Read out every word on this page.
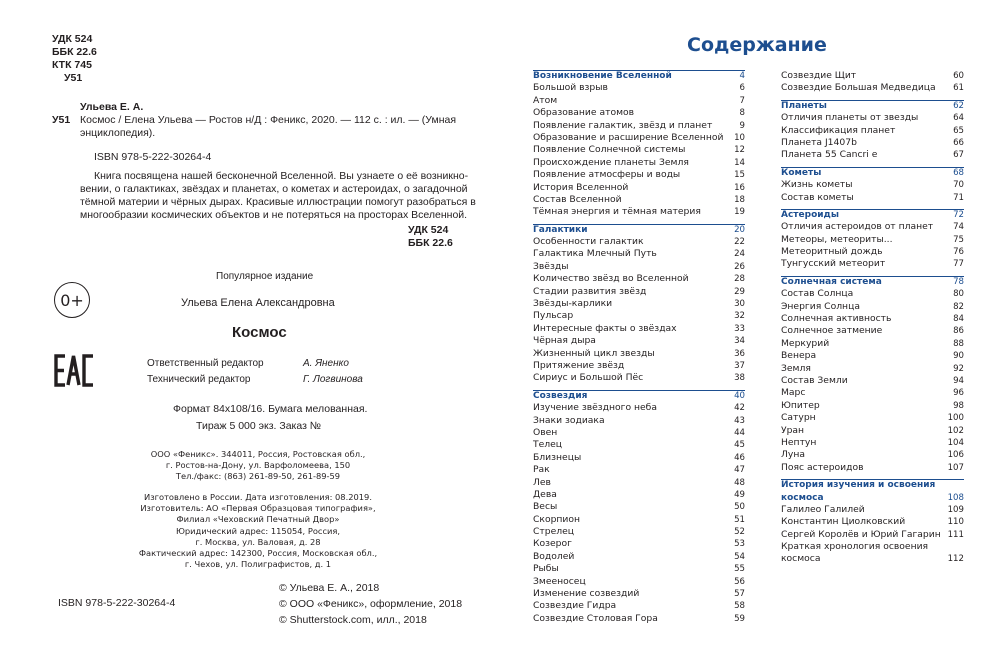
УДК 524
ББК 22.6
КТК 745
У51
Ульева Е. А.
У51 Космос / Елена Ульева — Ростов н/Д : Феникс, 2020. — 112 с. : ил. — (Умная
энциклопедия).
ISBN 978-5-222-30264-4
Книга посвящена нашей бесконечной Вселенной. Вы узнаете о её возникно-
вении, о галактиках, звёздах и планетах, о кометах и астероидах, о загадочной
тёмной материи и чёрных дырах. Красивые иллюстрации помогут разобраться в
многообразии космических объектов и не потеряться на просторах Вселенной.
УДК 524
ББК 22.6
Популярное издание
0+	Ульева Елена Александровна
Космос
Ответственный редактор	А. Яненко
Технический редактор	Г. Логвинова
Формат 84x108/16. Бумага мелованная.
Тираж 5 000 экз. Заказ №
ООО «Феникс». 344011, Россия, Ростовская обл.,
г. Ростов-на-Дону, ул. Варфоломеева, 150
Тел./факс: (863) 261-89-50, 261-89-59
Изготовлено в России. Дата изготовления: 08.2019.
Изготовитель: АО «Первая Образцовая типография»,
Филиал «Чеховский Печатный Двор»
Юридический адрес: 115054, Россия,
г. Москва, ул. Валовая, д. 28
Фактический адрес: 142300, Россия, Московская обл.,
г. Чехов, ул. Полиграфистов, д. 1
ISBN 978-5-222-30264-4
© Ульева Е. А., 2018
© ООО «Феникс», оформление, 2018
© Shutterstock.com, илл., 2018
Содержание
Возникновение Вселенной	4
Большой взрыв	6
Атом	7
Образование атомов	8
Появление галактик, звёзд и планет	9
Образование и расширение Вселенной 10
Появление Солнечной системы	12
Происхождение планеты Земля	14
Появление атмосферы и воды	15
История Вселенной	16
Состав Вселенной	18
Тёмная энергия и тёмная материя	19
Галактики	20
Особенности галактик	22
Галактика Млечный Путь	24
Звёзды	26
Количество звёзд во Вселенной	28
Стадии развития звёзд	29
Звёзды-карлики	30
Пульсар	32
Интересные факты о звёздах	33
Чёрная дыра	34
Жизненный цикл звезды	36
Притяжение звёзд	37
Сириус и Большой Пёс	38
Созвездия	40
Изучение звёздного неба	42
Знаки зодиака	43
Овен	44
Телец	45
Близнецы	46
Рак	47
Лев	48
Дева	49
Весы	50
Скорпион	51
Стрелец	52
Козерог	53
Водолей	54
Рыбы	55
Змееносец	56
Изменение созвездий	57
Созвездие Гидра	58
Созвездие Столовая Гора	59
Созвездие Щит	60
Созвездие Большая Медведица 61
Планеты	62
Отличия планеты от звезды	64
Классификация планет	65
Планета J1407b	66
Планета 55 Cancri e	67
Кометы	68
Жизнь кометы	70
Состав кометы	71
Астероиды	72
Отличия астероидов от планет 74
Метеоры, метеориты...	75
Метеоритный дождь	76
Тунгусский метеорит	77
Солнечная система	78
Состав Солнца	80
Энергия Солнца	82
Солнечная активность	84
Солнечное затмение	86
Меркурий	88
Венера	90
Земля	92
Состав Земли	94
Марс	96
Юпитер	98
Сатурн	100
Уран	102
Нептун	104
Луна	106
Пояс астероидов	107
История изучения и освоения
космоса	108
Галилео Галилей	109
Константин Циолковский	110
Сергей Королёв и Юрий Гагарин 111
Краткая хронология освоения
космоса	112
